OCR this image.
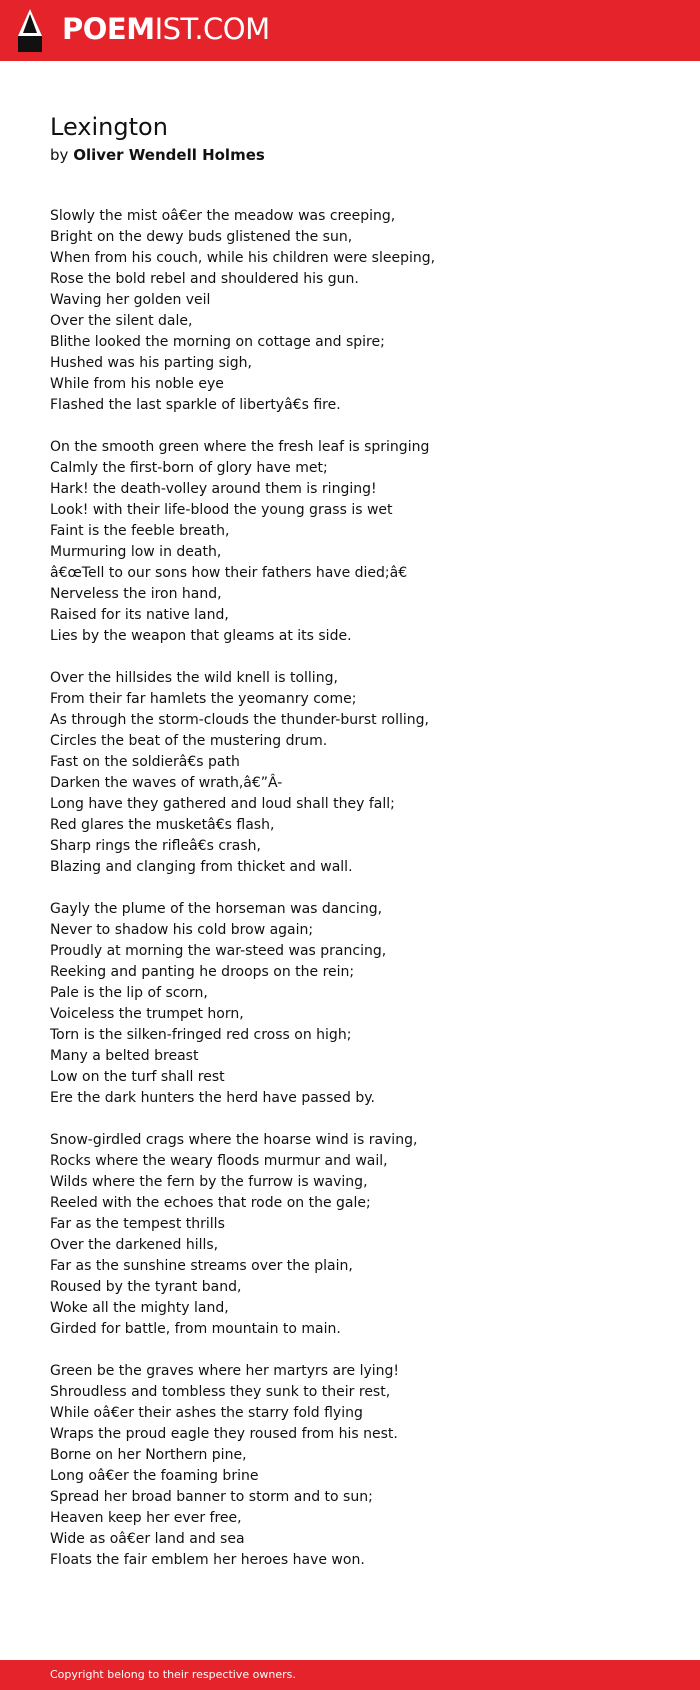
POEMIST.COM
Lexington
by Oliver Wendell Holmes
Slowly the mist oâ€er the meadow was creeping,
Bright on the dewy buds glistened the sun,
When from his couch, while his children were sleeping,
Rose the bold rebel and shouldered his gun.
Waving her golden veil
Over the silent dale,
Blithe looked the morning on cottage and spire;
Hushed was his parting sigh,
While from his noble eye
Flashed the last sparkle of libertyâ€s fire.
On the smooth green where the fresh leaf is springing
Calmly the first-born of glory have met;
Hark! the death-volley around them is ringing!
Look! with their life-blood the young grass is wet
Faint is the feeble breath,
Murmuring low in death,
â€œTell to our sons how their fathers have died;â€
Nerveless the iron hand,
Raised for its native land,
Lies by the weapon that gleams at its side.
Over the hillsides the wild knell is tolling,
From their far hamlets the yeomanry come;
As through the storm-clouds the thunder-burst rolling,
Circles the beat of the mustering drum.
Fast on the soldierâ€s path
Darken the waves of wrath,â€”Â-
Long have they gathered and loud shall they fall;
Red glares the musketâ€s flash,
Sharp rings the rifleâ€s crash,
Blazing and clanging from thicket and wall.
Gayly the plume of the horseman was dancing,
Never to shadow his cold brow again;
Proudly at morning the war-steed was prancing,
Reeking and panting he droops on the rein;
Pale is the lip of scorn,
Voiceless the trumpet horn,
Torn is the silken-fringed red cross on high;
Many a belted breast
Low on the turf shall rest
Ere the dark hunters the herd have passed by.
Snow-girdled crags where the hoarse wind is raving,
Rocks where the weary floods murmur and wail,
Wilds where the fern by the furrow is waving,
Reeled with the echoes that rode on the gale;
Far as the tempest thrills
Over the darkened hills,
Far as the sunshine streams over the plain,
Roused by the tyrant band,
Woke all the mighty land,
Girded for battle, from mountain to main.
Green be the graves where her martyrs are lying!
Shroudless and tombless they sunk to their rest,
While oâ€er their ashes the starry fold flying
Wraps the proud eagle they roused from his nest.
Borne on her Northern pine,
Long oâ€er the foaming brine
Spread her broad banner to storm and to sun;
Heaven keep her ever free,
Wide as oâ€er land and sea
Floats the fair emblem her heroes have won.
Copyright belong to their respective owners.
